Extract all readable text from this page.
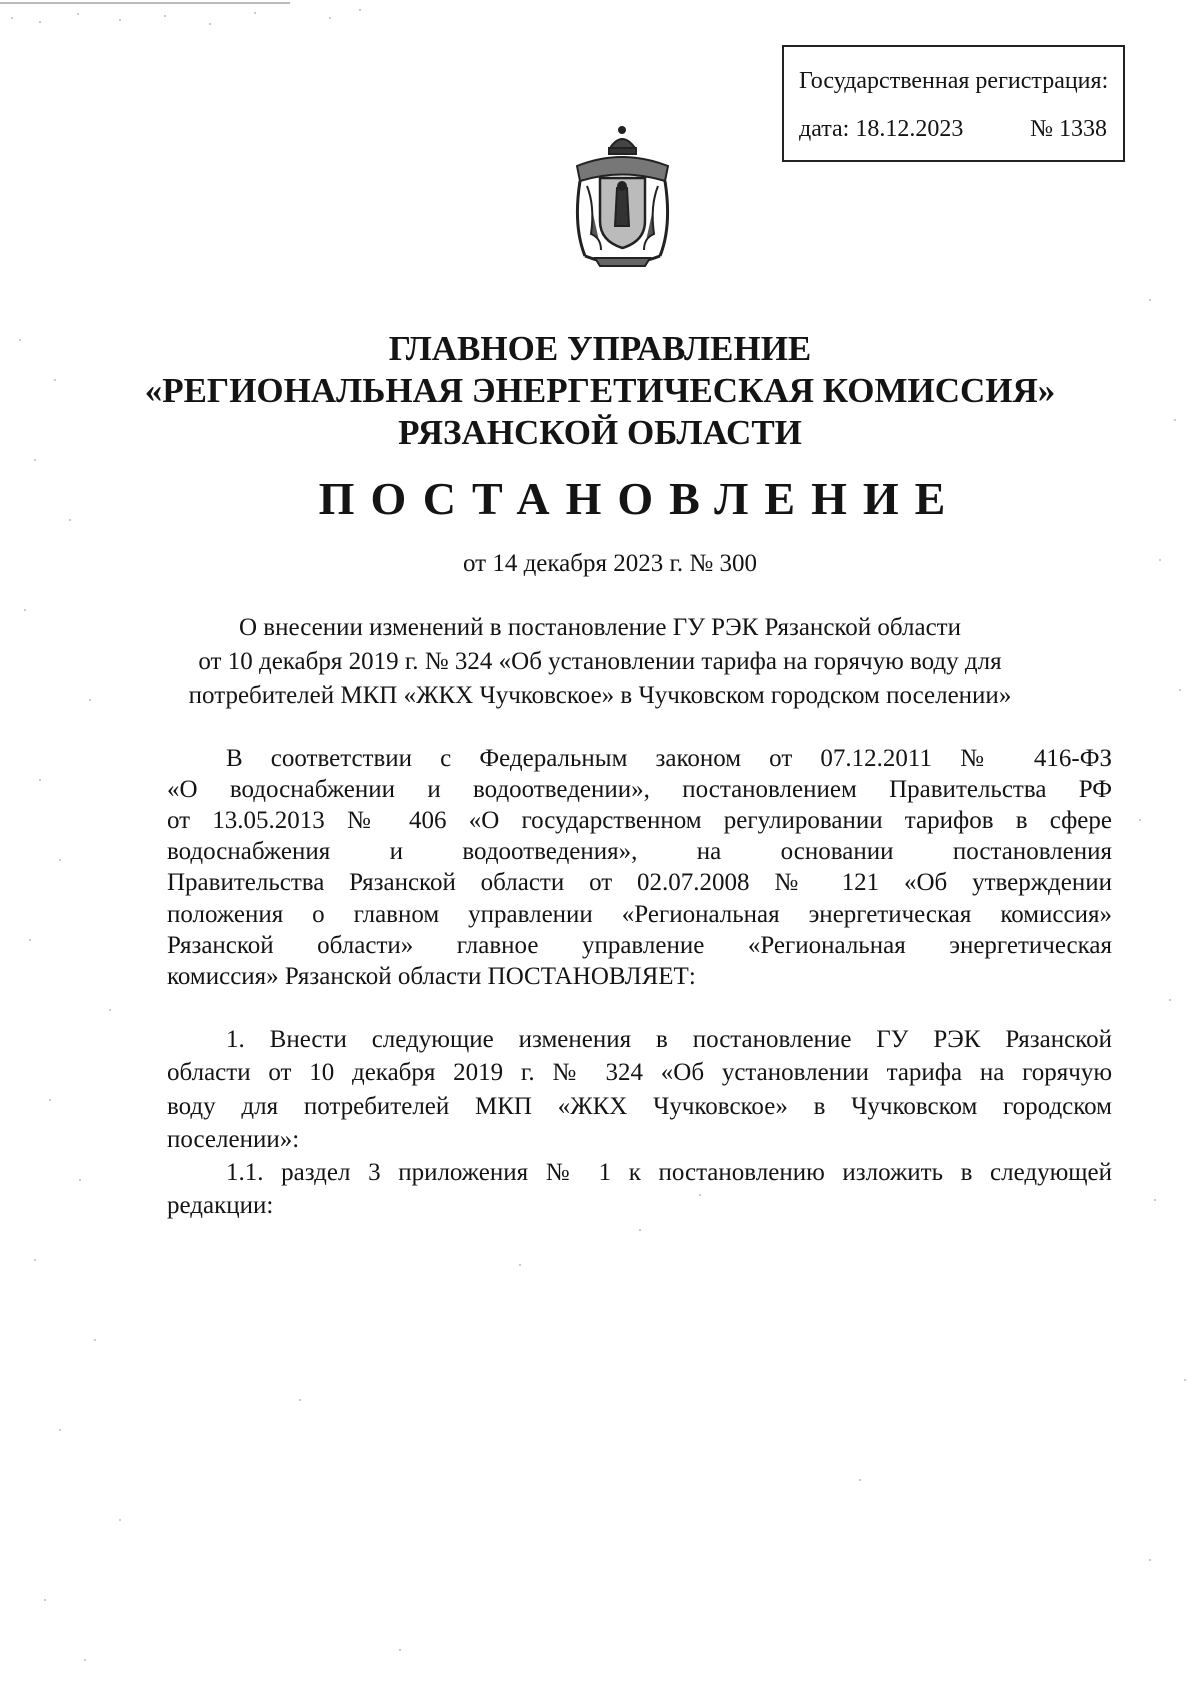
Государственная регистрация:
дата: 18.12.2023	№ 1338
ГЛАВНОЕ УПРАВЛЕНИЕ
«РЕГИОНАЛЬНАЯ ЭНЕРГЕТИЧЕСКАЯ КОМИССИЯ»
РЯЗАНСКОЙ ОБЛАСТИ
ПОСТАНОВЛЕНИЕ
от 14 декабря 2023 г. № 300
О внесении изменений в постановление ГУ РЭК Рязанской области
от 10 декабря 2019 г. № 324 «Об установлении тарифа на горячую воду для
потребителей МКП «ЖКХ Чучковское» в Чучковском городском поселении»
В соответствии с Федеральным законом от 07.12.2011 № 416-ФЗ
«О водоснабжении и водоотведении», постановлением Правительства РФ
от 13.05.2013 № 406 «О государственном регулировании тарифов в сфере
водоснабжения и водоотведения», на основании постановления
Правительства Рязанской области от 02.07.2008 № 121 «Об утверждении
положения о главном управлении «Региональная энергетическая комиссия»
Рязанской области» главное управление «Региональная энергетическая
комиссия» Рязанской области ПОСТАНОВЛЯЕТ:
1. Внести следующие изменения в постановление ГУ РЭК Рязанской
области от 10 декабря 2019 г. № 324 «Об установлении тарифа на горячую
воду для потребителей МКП «ЖКХ Чучковское» в Чучковском городском
поселении»:
1.1. раздел 3 приложения № 1 к постановлению изложить в следующей
редакции:
